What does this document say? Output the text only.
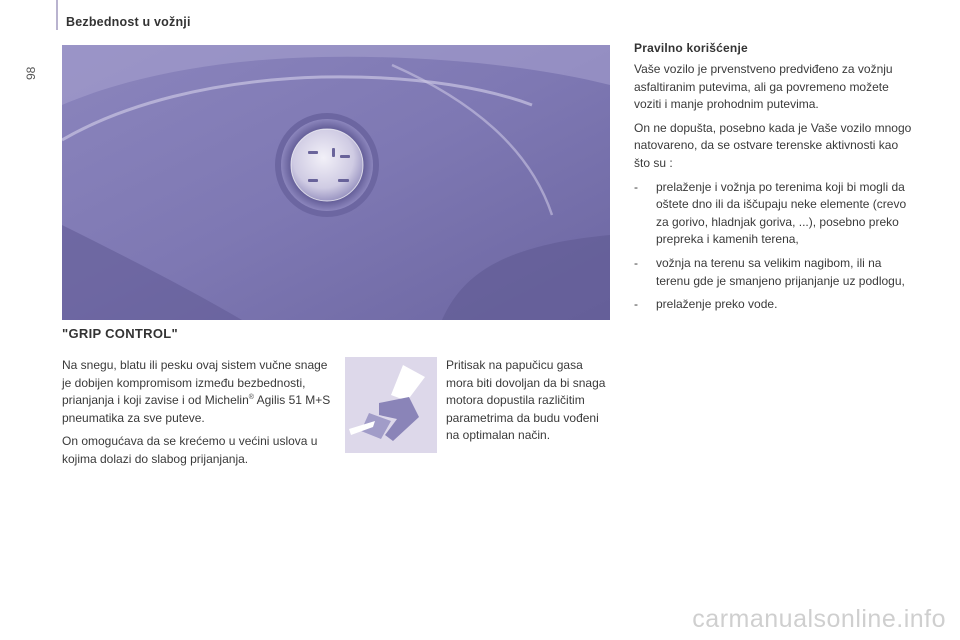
98
Bezbednost u vožnji
"GRIP CONTROL"

Na snegu, blatu ili pesku ovaj sistem vučne snage je dobijen kompromisom između bezbednosti, prianjanja i koji zavise i od Michelin® Agilis 51 M+S pneumatika za sve puteve.

On omogućava da se krećemo u većini uslova u kojima dolazi do slabog prijanjanja.

Pritisak na papučicu gasa mora biti dovoljan da bi snaga motora dopustila različitim parametrima da budu vođeni na optimalan način.

Pravilno korišćenje

Vaše vozilo je prvenstveno predviđeno za vožnju asfaltiranim putevima, ali ga povremeno možete voziti i manje prohodnim putevima.

On ne dopušta, posebno kada je Vaše vozilo mnogo natovareno, da se ostvare terenske aktivnosti kao što su :

-	prelaženje i vožnja po terenima koji bi mogli da oštete dno ili da iščupaju neke elemente (crevo za gorivo, hladnjak goriva, ...), posebno preko prepreka i kamenih terena,
-	vožnja na terenu sa velikim nagibom, ili na terenu gde je smanjeno prijanjanje uz podlogu,
-	prelaženje preko vode.
carmanualsonline.info
